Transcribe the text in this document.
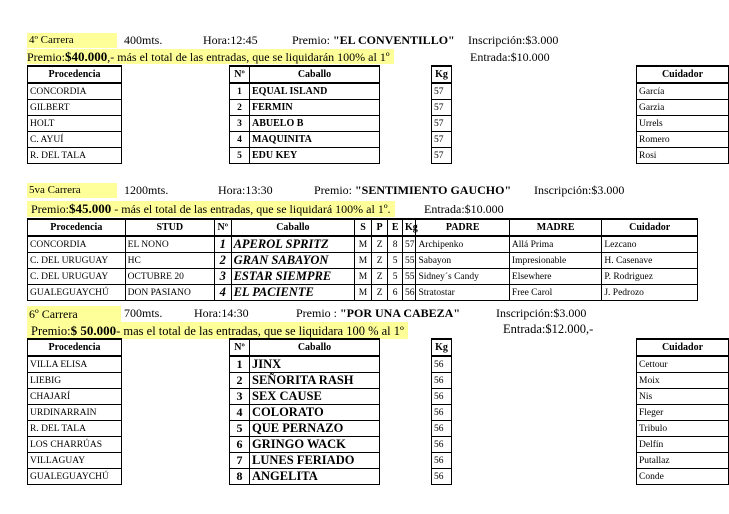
4º Carrera	400mts.	Hora:12:45	Premio: "EL CONVENTILLO" Inscripción:$3.000
Premio:$40.000,- más el total de las entradas, que se liquidarán 100% al 1º	Entrada:$10.000
Procedencia		Nº	Caballo		Kg		Cuidador
CONCORDIA		1	EQUAL ISLAND		57		García
GILBERT		2	FERMIN		57		Garzia
HOLT		3	ABUELO B		57		Urrels
C. AYUÍ		4	MAQUINITA		57		Romero
R. DEL TALA		5	EDU KEY		57		Rosi
5va Carrera	1200mts.	Hora:13:30	Premio: "SENTIMIENTO GAUCHO" Inscripción:$3.000
Premio:$45.000 - más el total de las entradas, que se liquidará 100% al 1º.	Entrada:$10.000
Procedencia	STUD	Nº	Caballo	S	P	E	Kg	PADRE	MADRE	Cuidador
CONCORDIA	EL NONO	1	APEROL SPRITZ	M	Z	8	57	Archipenko	Allá Prima	Lezcano
C. DEL URUGUAY	HC	2	GRAN SABAYON	M	Z	5	55	Sabayon	Impresionable	H. Casenave
C. DEL URUGUAY	OCTUBRE 20	3	ESTAR SIEMPRE	M	Z	5	55	Sidney´s Candy	Elsewhere	P. Rodriguez
GUALEGUAYCHÚ	DON PASIANO	4	EL PACIENTE	M	Z	6	56	Stratostar	Free Carol	J. Pedrozo
6º Carrera	700mts.	Hora:14:30	Premio : "POR UNA CABEZA"	Inscripción:$3.000
Premio:$ 50.000- mas el total de las entradas, que se liquidara 100 % al 1º	Entrada:$12.000,-
Procedencia		Nº	Caballo		Kg		Cuidador
VILLA ELISA		1	JINX		56		Cettour
LIEBIG		2	SEÑORITA RASH		56		Moix
CHAJARÍ		3	SEX CAUSE		56		Nis
URDINARRAIN		4	COLORATO		56		Fleger
R. DEL TALA		5	QUE PERNAZO		56		Tribulo
LOS CHARRÚAS		6	GRINGO WACK		56		Delfín
VILLAGUAY		7	LUNES FERIADO		56		Putallaz
GUALEGUAYCHÚ		8	ANGELITA		56		Conde
